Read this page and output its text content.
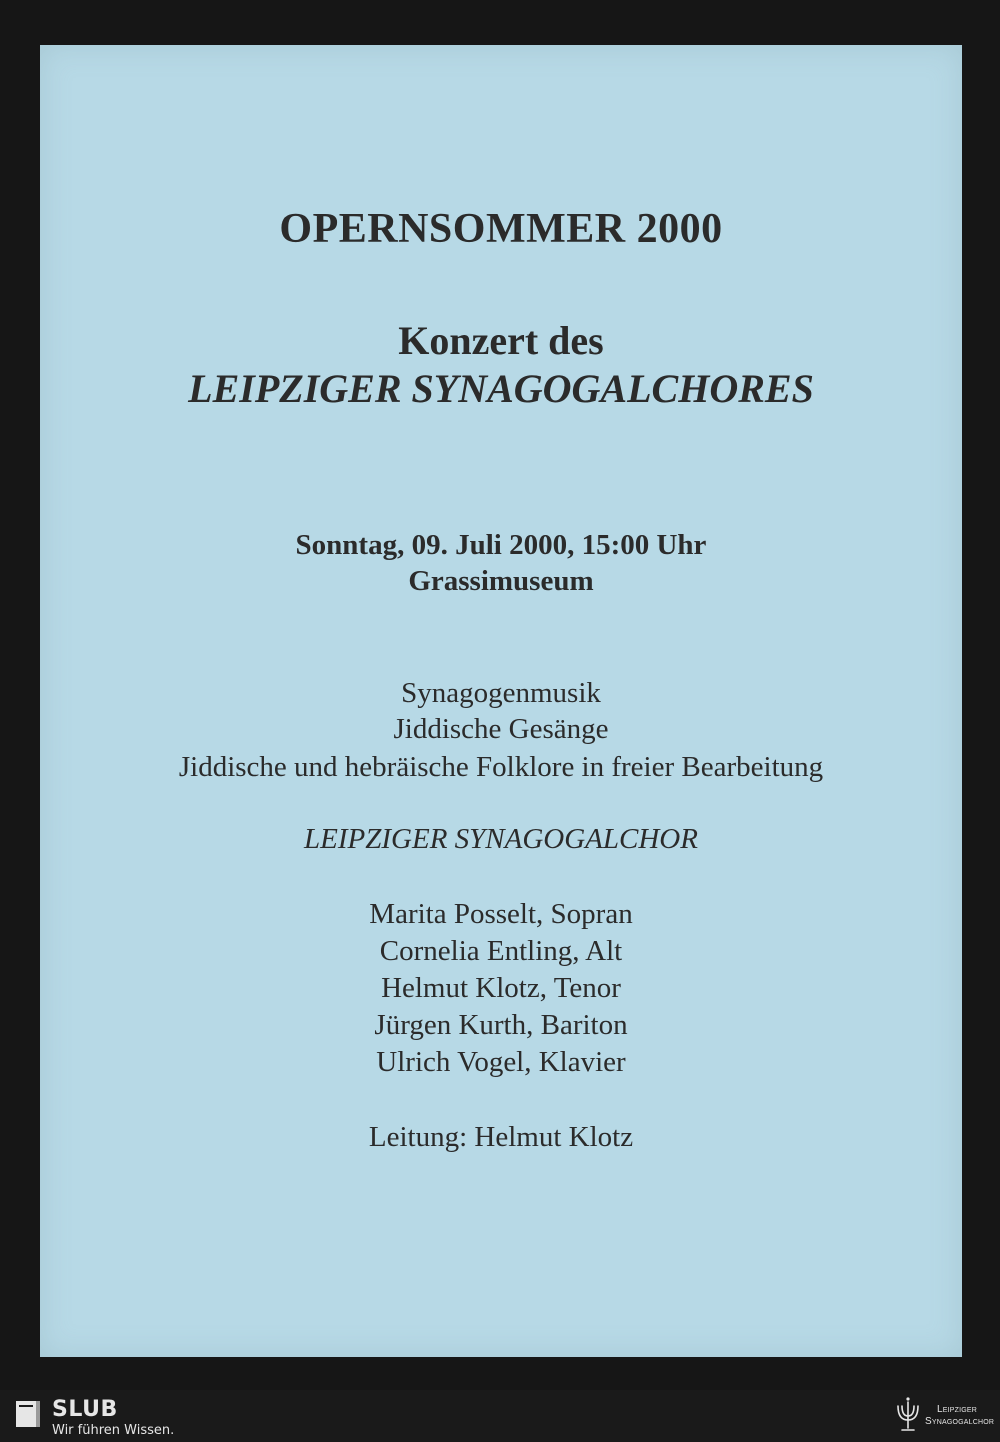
OPERNSOMMER 2000
Konzert des
LEIPZIGER SYNAGOGALCHORES
Sonntag, 09. Juli 2000, 15:00 Uhr
Grassimuseum
Synagogenmusik
Jiddische Gesänge
Jiddische und hebräische Folklore in freier Bearbeitung
LEIPZIGER SYNAGOGALCHOR
Marita Posselt, Sopran
Cornelia Entling, Alt
Helmut Klotz, Tenor
Jürgen Kurth, Bariton
Ulrich Vogel, Klavier
Leitung: Helmut Klotz
SLUB
Wir führen Wissen.
Leipziger
Synagogalchor
